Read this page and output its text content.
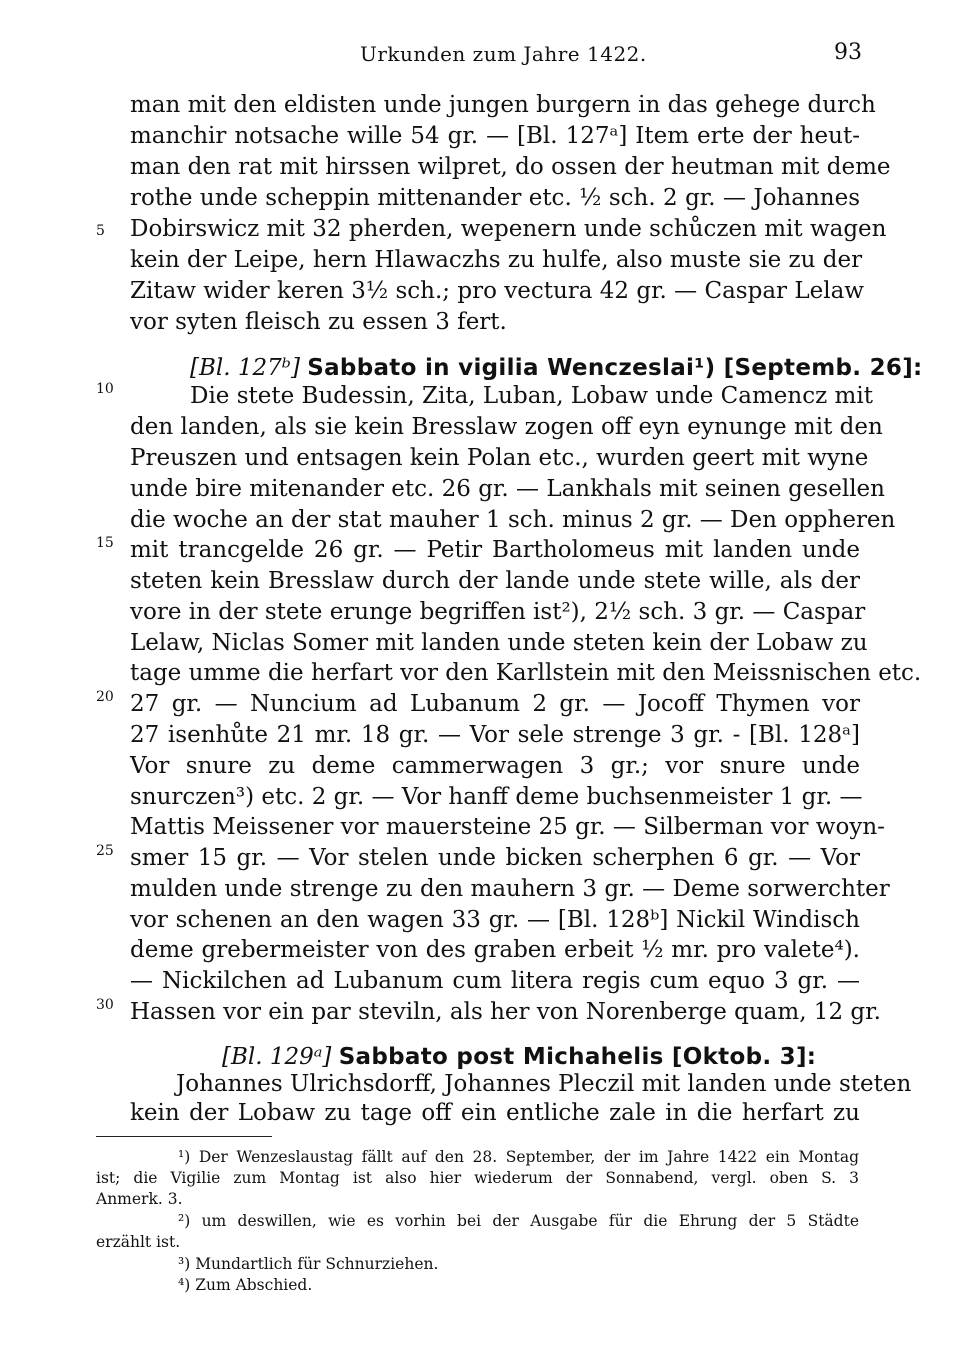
Urkunden zum Jahre 1422.	93
5
10
15
20
25
30
man mit den eldisten unde jungen burgern in das gehege durch
manchir notsache wille 54 gr. — [Bl. 127ᵃ] Item erte der heut-
man den rat mit hirssen wilpret, do ossen der heutman mit deme
rothe unde scheppin mittenander etc. ½ sch. 2 gr. — Johannes
Dobirswicz mit 32 pherden, wepenern unde schůczen mit wagen
kein der Leipe, hern Hlawaczhs zu hulfe, also muste sie zu der
Zitaw wider keren 3½ sch.; pro vectura 42 gr. — Caspar Lelaw
vor syten fleisch zu essen 3 fert.
[Bl. 127ᵇ] Sabbato in vigilia Wenczeslai¹) [Septemb. 26]:
Die stete Budessin, Zita, Luban, Lobaw unde Camencz mit
den landen, als sie kein Bresslaw zogen off eyn eynunge mit den
Preuszen und entsagen kein Polan etc., wurden geert mit wyne
unde bire mitenander etc. 26 gr. — Lankhals mit seinen gesellen
die woche an der stat mauher 1 sch. minus 2 gr. — Den oppheren
mit trancgelde 26 gr. — Petir Bartholomeus mit landen unde
steten kein Bresslaw durch der lande unde stete wille, als der
vore in der stete erunge begriffen ist²), 2½ sch. 3 gr. — Caspar
Lelaw, Niclas Somer mit landen unde steten kein der Lobaw zu
tage umme die herfart vor den Karllstein mit den Meissnischen etc.
27 gr. — Nuncium ad Lubanum 2 gr. — Jocoff Thymen vor
27 isenhůte 21 mr. 18 gr. — Vor sele strenge 3 gr. - [Bl. 128ᵃ]
Vor snure zu deme cammerwagen 3 gr.; vor snure unde
snurczen³) etc. 2 gr. — Vor hanff deme buchsenmeister 1 gr. —
Mattis Meissener vor mauersteine 25 gr. — Silberman vor woyn-
smer 15 gr. — Vor stelen unde bicken scherphen 6 gr. — Vor
mulden unde strenge zu den mauhern 3 gr. — Deme sorwerchter
vor schenen an den wagen 33 gr. — [Bl. 128ᵇ] Nickil Windisch
deme grebermeister von des graben erbeit ½ mr. pro valete⁴).
— Nickilchen ad Lubanum cum litera regis cum equo 3 gr. —
Hassen vor ein par steviln, als her von Norenberge quam, 12 gr.
[Bl. 129ᵃ] Sabbato post Michahelis [Oktob. 3]:
Johannes Ulrichsdorff, Johannes Pleczil mit landen unde steten
kein der Lobaw zu tage off ein entliche zale in die herfart zu
¹) Der Wenzeslaustag fällt auf den 28. September, der im Jahre 1422 ein Montag
ist; die Vigilie zum Montag ist also hier wiederum der Sonnabend, vergl. oben S. 3
Anmerk. 3.
²) um deswillen, wie es vorhin bei der Ausgabe für die Ehrung der 5 Städte
erzählt ist.
³) Mundartlich für Schnurziehen.
⁴) Zum Abschied.
